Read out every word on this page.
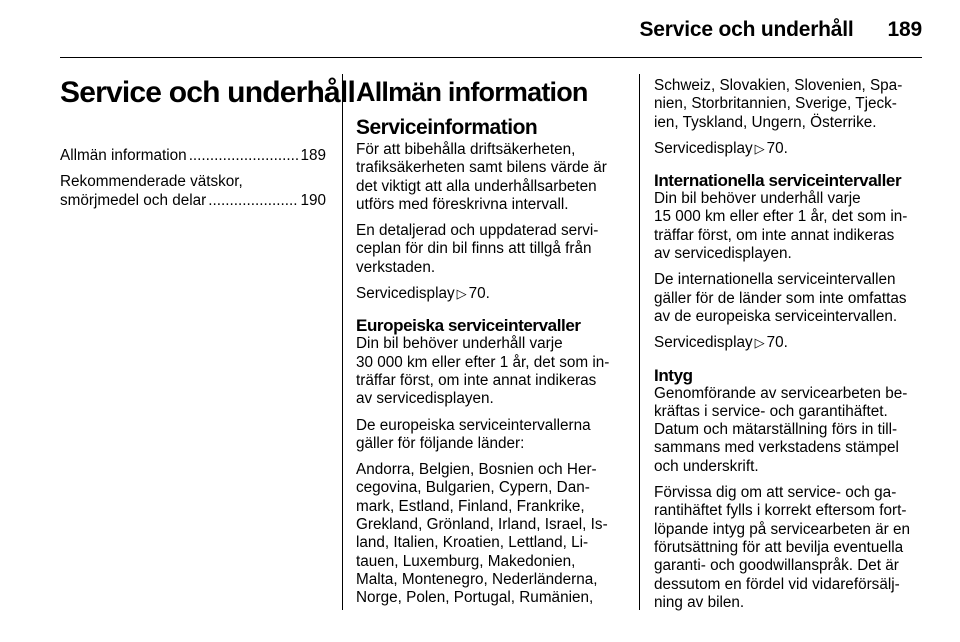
Service och underhåll 189
Service och underhåll
Allmän information .....	189
Rekommenderade vätskor,
smörjmedel och delar .....	190
Allmän information
Serviceinformation

För att bibehålla driftsäkerheten,
trafiksäkerheten samt bilens värde är
det viktigt att alla underhållsarbeten
utförs med föreskrivna intervall.

En detaljerad och uppdaterad servi-
ceplan för din bil finns att tillgå från
verkstaden.

Servicedisplay ▷ 70.

Europeiska serviceintervaller

Din bil behöver underhåll varje
30 000 km eller efter 1 år, det som in-
träffar först, om inte annat indikeras
av servicedisplayen.

De europeiska serviceintervallerna
gäller för följande länder:

Andorra, Belgien, Bosnien och Her-
cegovina, Bulgarien, Cypern, Dan-
mark, Estland, Finland, Frankrike,
Grekland, Grönland, Irland, Israel, Is-
land, Italien, Kroatien, Lettland, Li-
tauen, Luxemburg, Makedonien,
Malta, Montenegro, Nederländerna,
Norge, Polen, Portugal, Rumänien,

Schweiz, Slovakien, Slovenien, Spa-
nien, Storbritannien, Sverige, Tjeck-
ien, Tyskland, Ungern, Österrike.

Servicedisplay ▷ 70.

Internationella serviceintervaller

Din bil behöver underhåll varje
15 000 km eller efter 1 år, det som in-
träffar först, om inte annat indikeras
av servicedisplayen.

De internationella serviceintervallen
gäller för de länder som inte omfattas
av de europeiska serviceintervallen.

Servicedisplay ▷ 70.

Intyg

Genomförande av servicearbeten be-
kräftas i service- och garantihäftet.
Datum och mätarställning förs in till-
sammans med verkstadens stämpel
och underskrift.

Förvissa dig om att service- och ga-
rantihäftet fylls i korrekt eftersom fort-
löpande intyg på servicearbeten är en
förutsättning för att bevilja eventuella
garanti- och goodwillanspråk. Det är
dessutom en fördel vid vidareförsälj-
ning av bilen.
